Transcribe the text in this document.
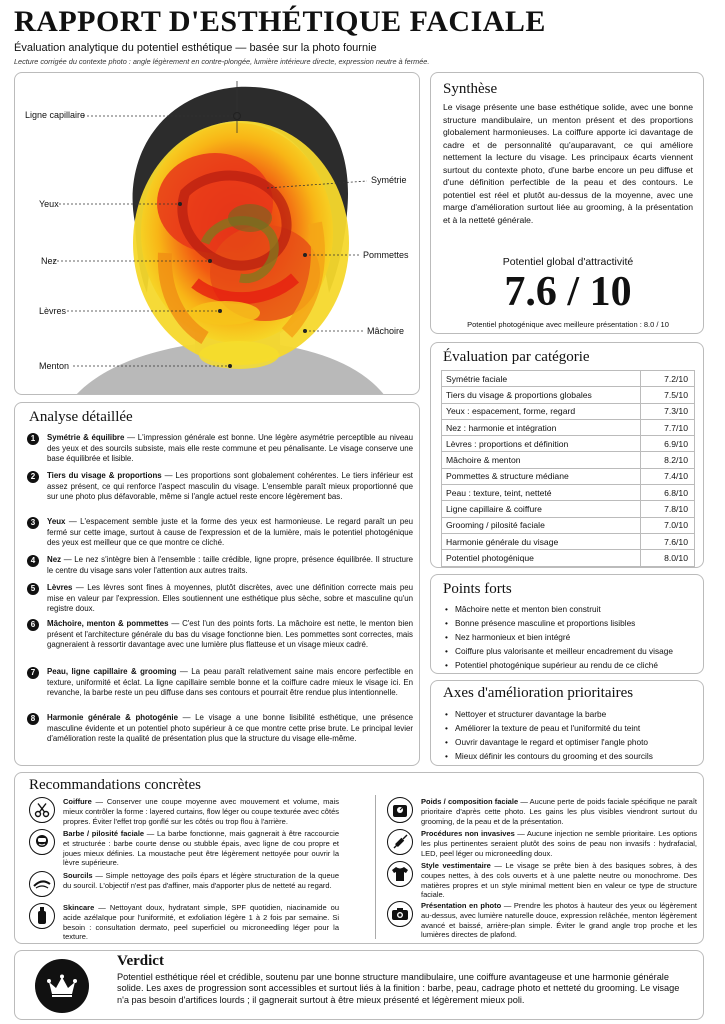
RAPPORT D'ESTHÉTIQUE FACIALE
Évaluation analytique du potentiel esthétique — basée sur la photo fournie
Lecture corrigée du contexte photo : angle légèrement en contre-plongée, lumière intérieure directe, expression neutre à fermée.
Ligne capillaire
Yeux
Nez
Lèvres
Menton
Symétrie
Pommettes
Mâchoire
Synthèse
Le visage présente une base esthétique solide, avec une bonne structure mandibulaire, un menton présent et des proportions globalement harmonieuses. La coiffure apporte ici davantage de cadre et de personnalité qu'auparavant, ce qui améliore nettement la lecture du visage. Les principaux écarts viennent surtout du contexte photo, d'une barbe encore un peu diffuse et d'une définition perfectible de la peau et des contours. Le potentiel est réel et plutôt au-dessus de la moyenne, avec une marge d'amélioration surtout liée au grooming, à la présentation et à la netteté générale.
Potentiel global d'attractivité
7.6 / 10
Potentiel photogénique avec meilleure présentation : 8.0 / 10
Évaluation par catégorie
Symétrie faciale	7.2/10
Tiers du visage & proportions globales	7.5/10
Yeux : espacement, forme, regard	7.3/10
Nez : harmonie et intégration	7.7/10
Lèvres : proportions et définition	6.9/10
Mâchoire & menton	8.2/10
Pommettes & structure médiane	7.4/10
Peau : texture, teint, netteté	6.8/10
Ligne capillaire & coiffure	7.8/10
Grooming / pilosité faciale	7.0/10
Harmonie générale du visage	7.6/10
Potentiel photogénique	8.0/10
Points forts
• Mâchoire nette et menton bien construit
• Bonne présence masculine et proportions lisibles
• Nez harmonieux et bien intégré
• Coiffure plus valorisante et meilleur encadrement du visage
• Potentiel photogénique supérieur au rendu de ce cliché
Axes d'amélioration prioritaires
• Nettoyer et structurer davantage la barbe
• Améliorer la texture de peau et l'uniformité du teint
• Ouvrir davantage le regard et optimiser l'angle photo
• Mieux définir les contours du grooming et des sourcils
Analyse détaillée
1	Symétrie & équilibre — L'impression générale est bonne. Une légère asymétrie perceptible au niveau des yeux et des sourcils subsiste, mais elle reste commune et peu pénalisante. Le visage conserve une base équilibrée et lisible.
2	Tiers du visage & proportions — Les proportions sont globalement cohérentes. Le tiers inférieur est assez présent, ce qui renforce l'aspect masculin du visage. L'ensemble paraît mieux proportionné que sur une photo plus défavorable, même si l'angle actuel reste encore légèrement bas.
3	Yeux — L'espacement semble juste et la forme des yeux est harmonieuse. Le regard paraît un peu fermé sur cette image, surtout à cause de l'expression et de la lumière, mais le potentiel photogénique des yeux est meilleur que ce que montre ce cliché.
4	Nez — Le nez s'intègre bien à l'ensemble : taille crédible, ligne propre, présence équilibrée. Il structure le centre du visage sans voler l'attention aux autres traits.
5	Lèvres — Les lèvres sont fines à moyennes, plutôt discrètes, avec une définition correcte mais peu mise en valeur par l'expression. Elles soutiennent une esthétique plus sèche, sobre et masculine qu'un registre doux.
6	Mâchoire, menton & pommettes — C'est l'un des points forts. La mâchoire est nette, le menton bien présent et l'architecture générale du bas du visage fonctionne bien. Les pommettes sont correctes, mais gagneraient à ressortir davantage avec une lumière plus flatteuse et un visage mieux cadré.
7	Peau, ligne capillaire & grooming — La peau paraît relativement saine mais encore perfectible en texture, uniformité et éclat. La ligne capillaire semble bonne et la coiffure cadre mieux le visage ici. En revanche, la barbe reste un peu diffuse dans ses contours et pourrait être rendue plus intentionnelle.
8	Harmonie générale & photogénie — Le visage a une bonne lisibilité esthétique, une présence masculine évidente et un potentiel photo supérieur à ce que montre cette prise brute. Le principal levier d'amélioration reste la qualité de présentation plus que la structure du visage elle-même.
Recommandations concrètes
Coiffure — Conserver une coupe moyenne avec mouvement et volume, mais mieux contrôler la forme : layered curtains, flow léger ou coupe texturée avec côtés propres. Éviter l'effet trop gonflé sur les côtés ou trop flou à l'arrière.
Barbe / pilosité faciale — La barbe fonctionne, mais gagnerait à être raccourcie et structurée : barbe courte dense ou stubble épais, avec ligne de cou propre et joues mieux définies. La moustache peut être légèrement nettoyée pour ouvrir la lèvre supérieure.
Sourcils — Simple nettoyage des poils épars et légère structuration de la queue du sourcil. L'objectif n'est pas d'affiner, mais d'apporter plus de netteté au regard.
Skincare — Nettoyant doux, hydratant simple, SPF quotidien, niacinamide ou acide azélaïque pour l'uniformité, et exfoliation légère 1 à 2 fois par semaine. Si besoin : consultation dermato, peel superficiel ou microneedling léger pour la texture.
Poids / composition faciale — Aucune perte de poids faciale spécifique ne paraît prioritaire d'après cette photo. Les gains les plus visibles viendront surtout du grooming, de la peau et de la présentation.
Procédures non invasives — Aucune injection ne semble prioritaire. Les options les plus pertinentes seraient plutôt des soins de peau non invasifs : hydrafacial, LED, peel léger ou microneedling doux.
Style vestimentaire — Le visage se prête bien à des basiques sobres, à des coupes nettes, à des cols ouverts et à une palette neutre ou monochrome. Des matières propres et un style minimal mettent bien en valeur ce type de structure faciale.
Présentation en photo — Prendre les photos à hauteur des yeux ou légèrement au-dessus, avec lumière naturelle douce, expression relâchée, menton légèrement avancé et baissé, arrière-plan simple. Éviter le grand angle trop proche et les lumières directes de plafond.
Verdict
Potentiel esthétique réel et crédible, soutenu par une bonne structure mandibulaire, une coiffure avantageuse et une harmonie générale solide. Les axes de progression sont accessibles et surtout liés à la finition : barbe, peau, cadrage photo et netteté du grooming. Le visage n'a pas besoin d'artifices lourds ; il gagnerait surtout à être mieux présenté et légèrement mieux poli.
